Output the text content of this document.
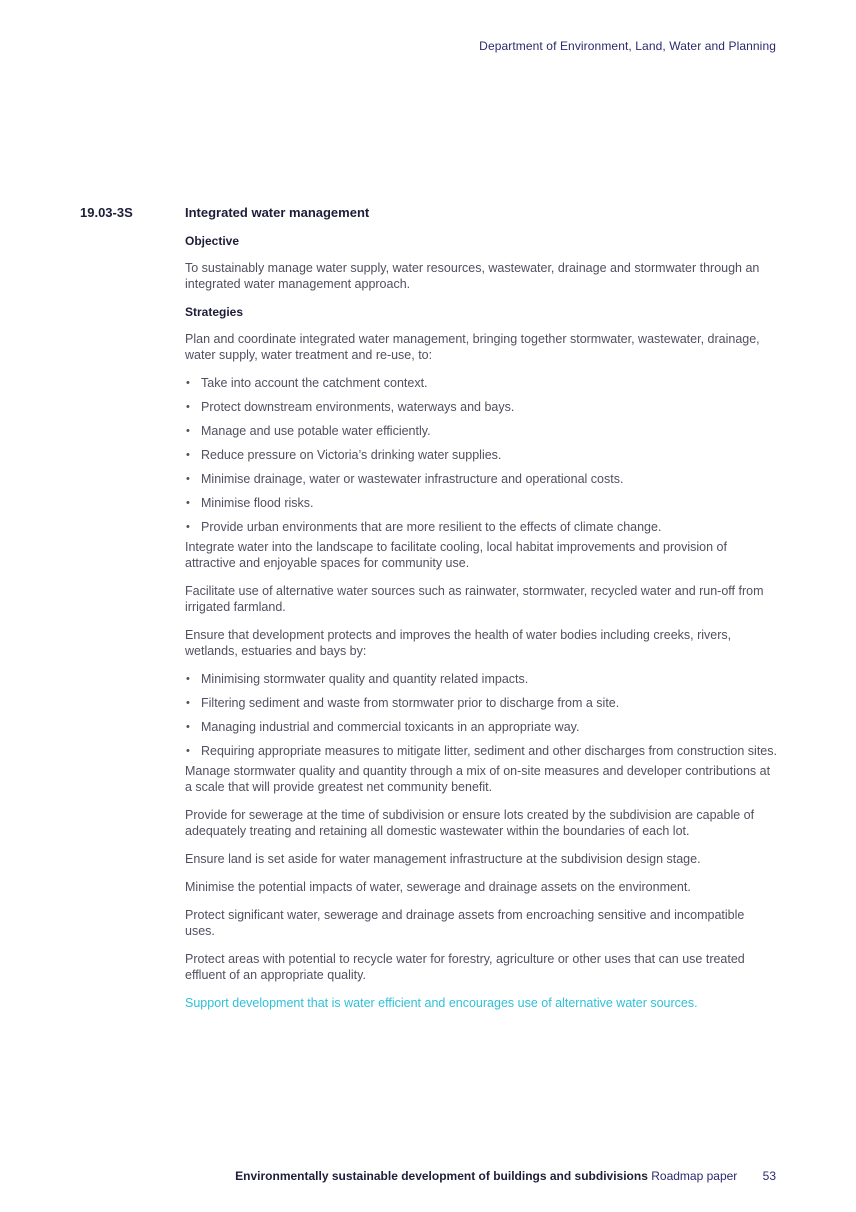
Department of Environment, Land, Water and Planning
19.03-3S	Integrated water management
Objective

To sustainably manage water supply, water resources, wastewater, drainage and stormwater through an integrated water management approach.

Strategies

Plan and coordinate integrated water management, bringing together stormwater, wastewater, drainage, water supply, water treatment and re-use, to:

• Take into account the catchment context.
• Protect downstream environments, waterways and bays.
• Manage and use potable water efficiently.
• Reduce pressure on Victoria’s drinking water supplies.
• Minimise drainage, water or wastewater infrastructure and operational costs.
• Minimise flood risks.
• Provide urban environments that are more resilient to the effects of climate change.

Integrate water into the landscape to facilitate cooling, local habitat improvements and provision of attractive and enjoyable spaces for community use.

Facilitate use of alternative water sources such as rainwater, stormwater, recycled water and run-off from irrigated farmland.

Ensure that development protects and improves the health of water bodies including creeks, rivers, wetlands, estuaries and bays by:

• Minimising stormwater quality and quantity related impacts.
• Filtering sediment and waste from stormwater prior to discharge from a site.
• Managing industrial and commercial toxicants in an appropriate way.
• Requiring appropriate measures to mitigate litter, sediment and other discharges from construction sites.

Manage stormwater quality and quantity through a mix of on-site measures and developer contributions at a scale that will provide greatest net community benefit.

Provide for sewerage at the time of subdivision or ensure lots created by the subdivision are capable of adequately treating and retaining all domestic wastewater within the boundaries of each lot.

Ensure land is set aside for water management infrastructure at the subdivision design stage.

Minimise the potential impacts of water, sewerage and drainage assets on the environment.

Protect significant water, sewerage and drainage assets from encroaching sensitive and incompatible uses.

Protect areas with potential to recycle water for forestry, agriculture or other uses that can use treated effluent of an appropriate quality.

Support development that is water efficient and encourages use of alternative water sources.

Environmentally sustainable development of buildings and subdivisions Roadmap paper 53
